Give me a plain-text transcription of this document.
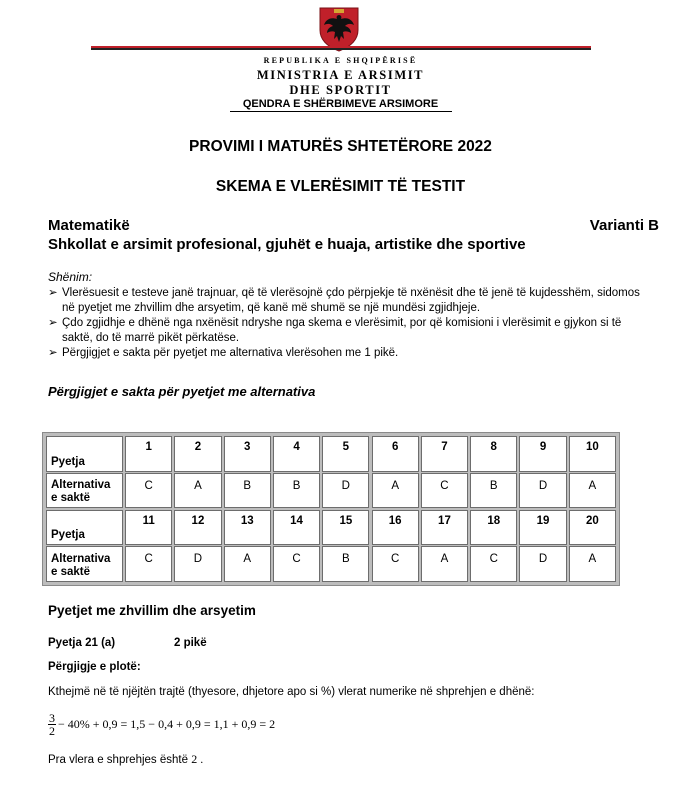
REPUBLIKA E SHQIPËRISË
MINISTRIA E ARSIMIT
DHE SPORTIT
QENDRA E SHËRBIMEVE ARSIMORE
PROVIMI I MATURËS SHTETËRORE 2022
SKEMA E VLERËSIMIT TË TESTIT
Matematikë	Varianti B
Shkollat e arsimit profesional, gjuhët e huaja, artistike dhe sportive
Shënim:
➢ Vlerësuesit e testeve janë trajnuar, që të vlerësojnë çdo përpjekje të nxënësit dhe të jenë të kujdesshëm, sidomos në pyetjet me zhvillim dhe arsyetim, që kanë më shumë se një mundësi zgjidhjeje.
➢ Çdo zgjidhje e dhënë nga nxënësit ndryshe nga skema e vlerësimit, por që komisioni i vlerësimit e gjykon si të saktë, do të marrë pikët përkatëse.
➢ Përgjigjet e sakta për pyetjet me alternativa vlerësohen me 1 pikë.
Përgjigjet e sakta për pyetjet me alternativa
Pyetja
Alternativa
e saktë
1
C
2
A
3
B
4
B
5
D
6
A
7
C
8
B
9
D
10
A
Pyetja
Alternativa
e saktë
11
C
12
D
13
A
14
C
15
B
16
C
17
A
18
C
19
D
20
A
Pyetjet me zhvillim dhe arsyetim
Pyetja 21 (a)	2 pikë
Përgjigje e plotë:
Kthejmë në të njëjtën trajtë (thyesore, dhjetore apo si %) vlerat numerike në shprehjen e dhënë:
$\frac{3}{2} - 40\% + 0,9 = 1,5 - 0,4 + 0,9 = 1,1 + 0,9 = 2$
Pra vlera e shprehjes është 2 .
